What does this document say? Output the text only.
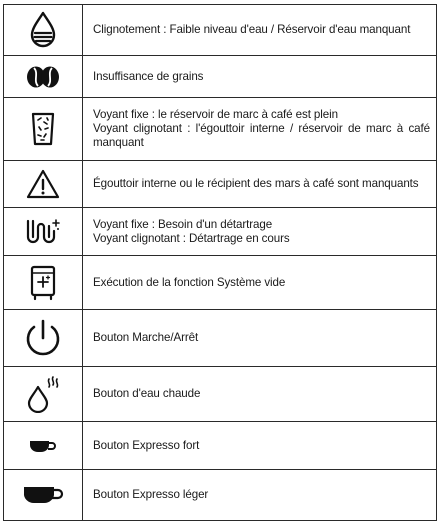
Clignotement : Faible niveau d'eau / Réservoir d'eau manquant

Insuffisance de grains

Voyant fixe : le réservoir de marc à café est plein
Voyant clignotant : l'égouttoir interne / réservoir de marc à café manquant

Égouttoir interne ou le récipient des mars à café sont manquants

Voyant fixe : Besoin d'un détartrage
Voyant clignotant : Détartrage en cours

Exécution de la fonction Système vide

Bouton Marche/Arrêt

Bouton d'eau chaude

Bouton Expresso fort

Bouton Expresso léger
